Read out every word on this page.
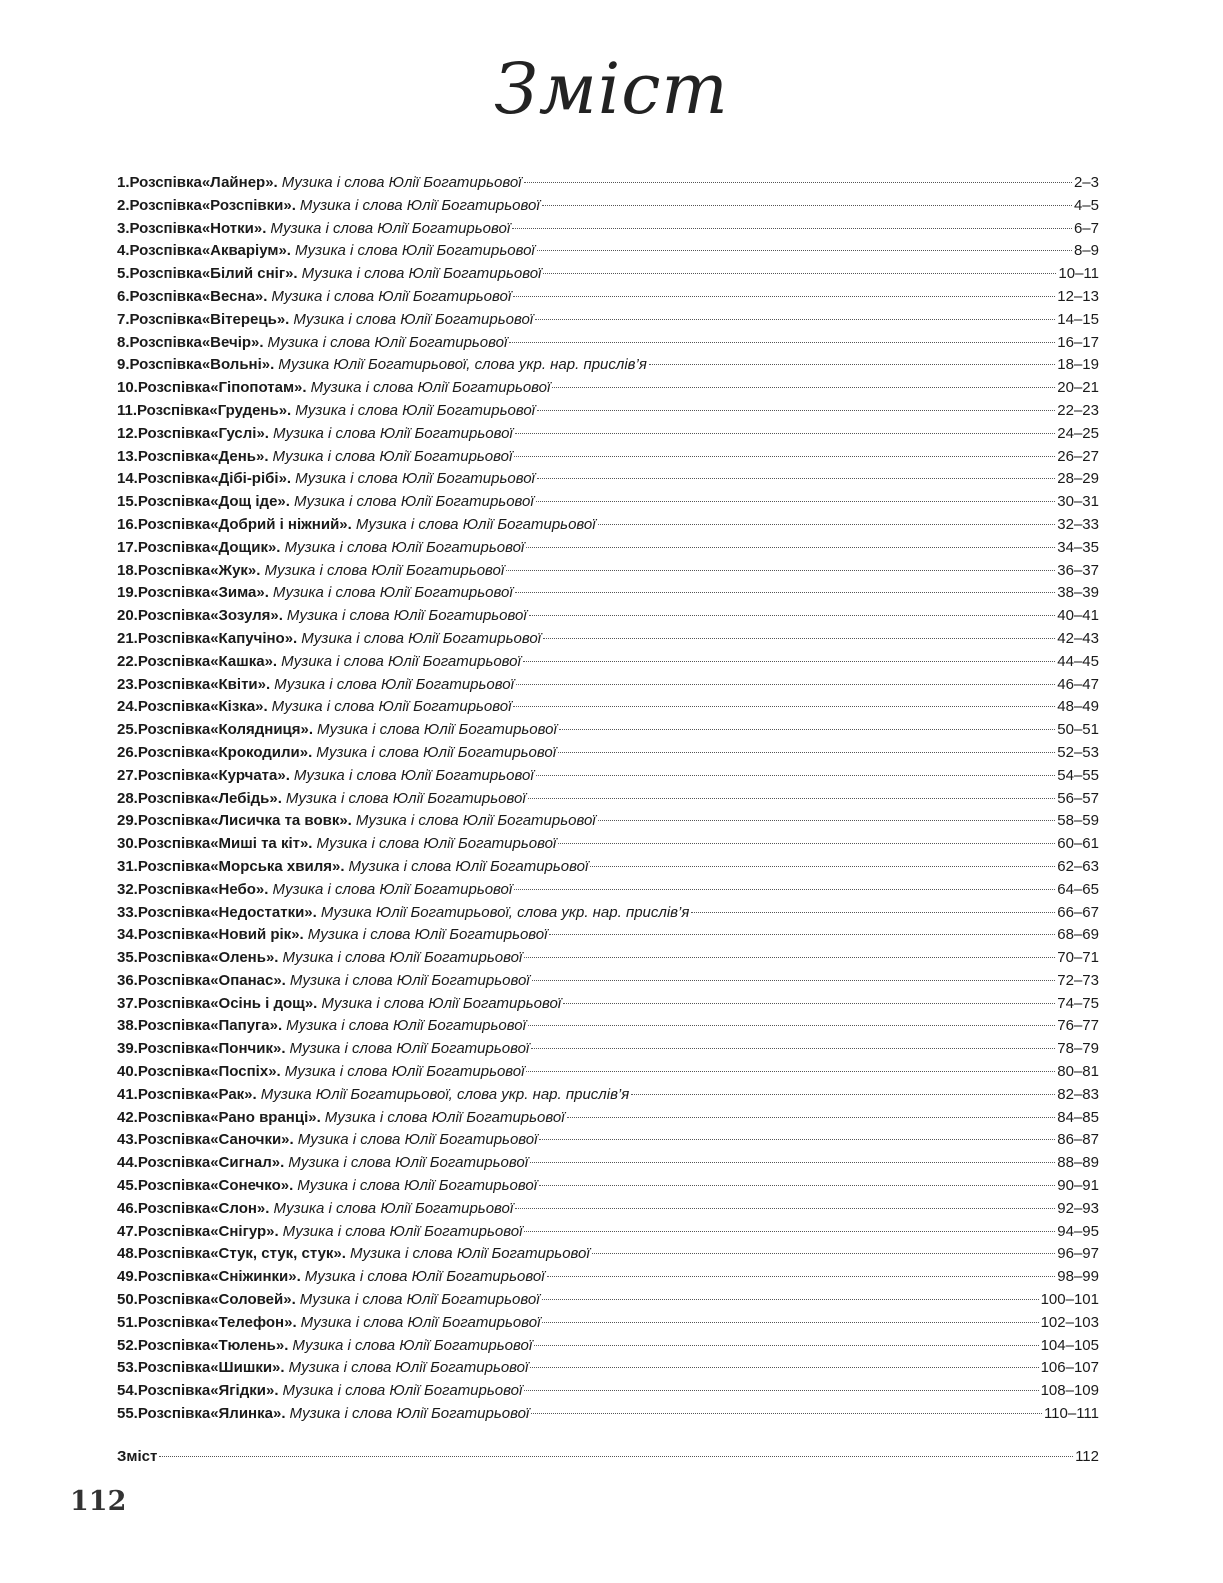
Зміст
1. Розспівка «Лайнер». Музика і слова Юлії Богатирьової	2–3
2. Розспівка «Розспівки». Музика і слова Юлії Богатирьової	4–5
3. Розспівка «Нотки». Музика і слова Юлії Богатирьової	6–7
4. Розспівка «Акваріум». Музика і слова Юлії Богатирьової	8–9
5. Розспівка «Білий сніг». Музика і слова Юлії Богатирьової	10–11
6. Розспівка «Весна». Музика і слова Юлії Богатирьової	12–13
7. Розспівка «Вітерець». Музика і слова Юлії Богатирьової	14–15
8. Розспівка «Вечір». Музика і слова Юлії Богатирьової	16–17
9. Розспівка «Вольні». Музика Юлії Богатирьової, слова укр. нар. прислів’я	18–19
10. Розспівка «Гіпопотам». Музика і слова Юлії Богатирьової	20–21
11. Розспівка «Грудень». Музика і слова Юлії Богатирьової	22–23
12. Розспівка «Гуслі». Музика і слова Юлії Богатирьової	24–25
13. Розспівка «День». Музика і слова Юлії Богатирьової	26–27
14. Розспівка «Дібі-рібі». Музика і слова Юлії Богатирьової	28–29
15. Розспівка «Дощ іде». Музика і слова Юлії Богатирьової	30–31
16. Розспівка «Добрий і ніжний». Музика і слова Юлії Богатирьової	32–33
17. Розспівка «Дощик». Музика і слова Юлії Богатирьової	34–35
18. Розспівка «Жук». Музика і слова Юлії Богатирьової	36–37
19. Розспівка «Зима». Музика і слова Юлії Богатирьової	38–39
20. Розспівка «Зозуля». Музика і слова Юлії Богатирьової	40–41
21. Розспівка «Капучіно». Музика і слова Юлії Богатирьової	42–43
22. Розспівка «Кашка». Музика і слова Юлії Богатирьової	44–45
23. Розспівка «Квіти». Музика і слова Юлії Богатирьової	46–47
24. Розспівка «Кізка». Музика і слова Юлії Богатирьової	48–49
25. Розспівка «Колядниця». Музика і слова Юлії Богатирьової	50–51
26. Розспівка «Крокодили». Музика і слова Юлії Богатирьової	52–53
27. Розспівка «Курчата». Музика і слова Юлії Богатирьової	54–55
28. Розспівка «Лебідь». Музика і слова Юлії Богатирьової	56–57
29. Розспівка «Лисичка та вовк». Музика і слова Юлії Богатирьової	58–59
30. Розспівка «Миші та кіт». Музика і слова Юлії Богатирьової	60–61
31. Розспівка «Морська хвиля». Музика і слова Юлії Богатирьової	62–63
32. Розспівка «Небо». Музика і слова Юлії Богатирьової	64–65
33. Розспівка «Недостатки». Музика Юлії Богатирьової, слова укр. нар. прислів’я	66–67
34. Розспівка «Новий рік». Музика і слова Юлії Богатирьової	68–69
35. Розспівка «Олень». Музика і слова Юлії Богатирьової	70–71
36. Розспівка «Опанас». Музика і слова Юлії Богатирьової	72–73
37. Розспівка «Осінь і дощ». Музика і слова Юлії Богатирьової	74–75
38. Розспівка «Папуга». Музика і слова Юлії Богатирьової	76–77
39. Розспівка «Пончик». Музика і слова Юлії Богатирьової	78–79
40. Розспівка «Поспіх». Музика і слова Юлії Богатирьової	80–81
41. Розспівка «Рак». Музика Юлії Богатирьової, слова укр. нар. прислів’я	82–83
42. Розспівка «Рано вранці». Музика і слова Юлії Богатирьової	84–85
43. Розспівка «Саночки». Музика і слова Юлії Богатирьової	86–87
44. Розспівка «Сигнал». Музика і слова Юлії Богатирьової	88–89
45. Розспівка «Сонечко». Музика і слова Юлії Богатирьової	90–91
46. Розспівка «Слон». Музика і слова Юлії Богатирьової	92–93
47. Розспівка «Снігур». Музика і слова Юлії Богатирьової	94–95
48. Розспівка «Стук, стук, стук». Музика і слова Юлії Богатирьової	96–97
49. Розспівка «Сніжинки». Музика і слова Юлії Богатирьової	98–99
50. Розспівка «Соловей». Музика і слова Юлії Богатирьової	100–101
51. Розспівка «Телефон». Музика і слова Юлії Богатирьової	102–103
52. Розспівка «Тюлень». Музика і слова Юлії Богатирьової	104–105
53. Розспівка «Шишки». Музика і слова Юлії Богатирьової	106–107
54. Розспівка «Ягідки». Музика і слова Юлії Богатирьової	108–109
55. Розспівка «Ялинка». Музика і слова Юлії Богатирьової	110–111
Зміст	112
112
